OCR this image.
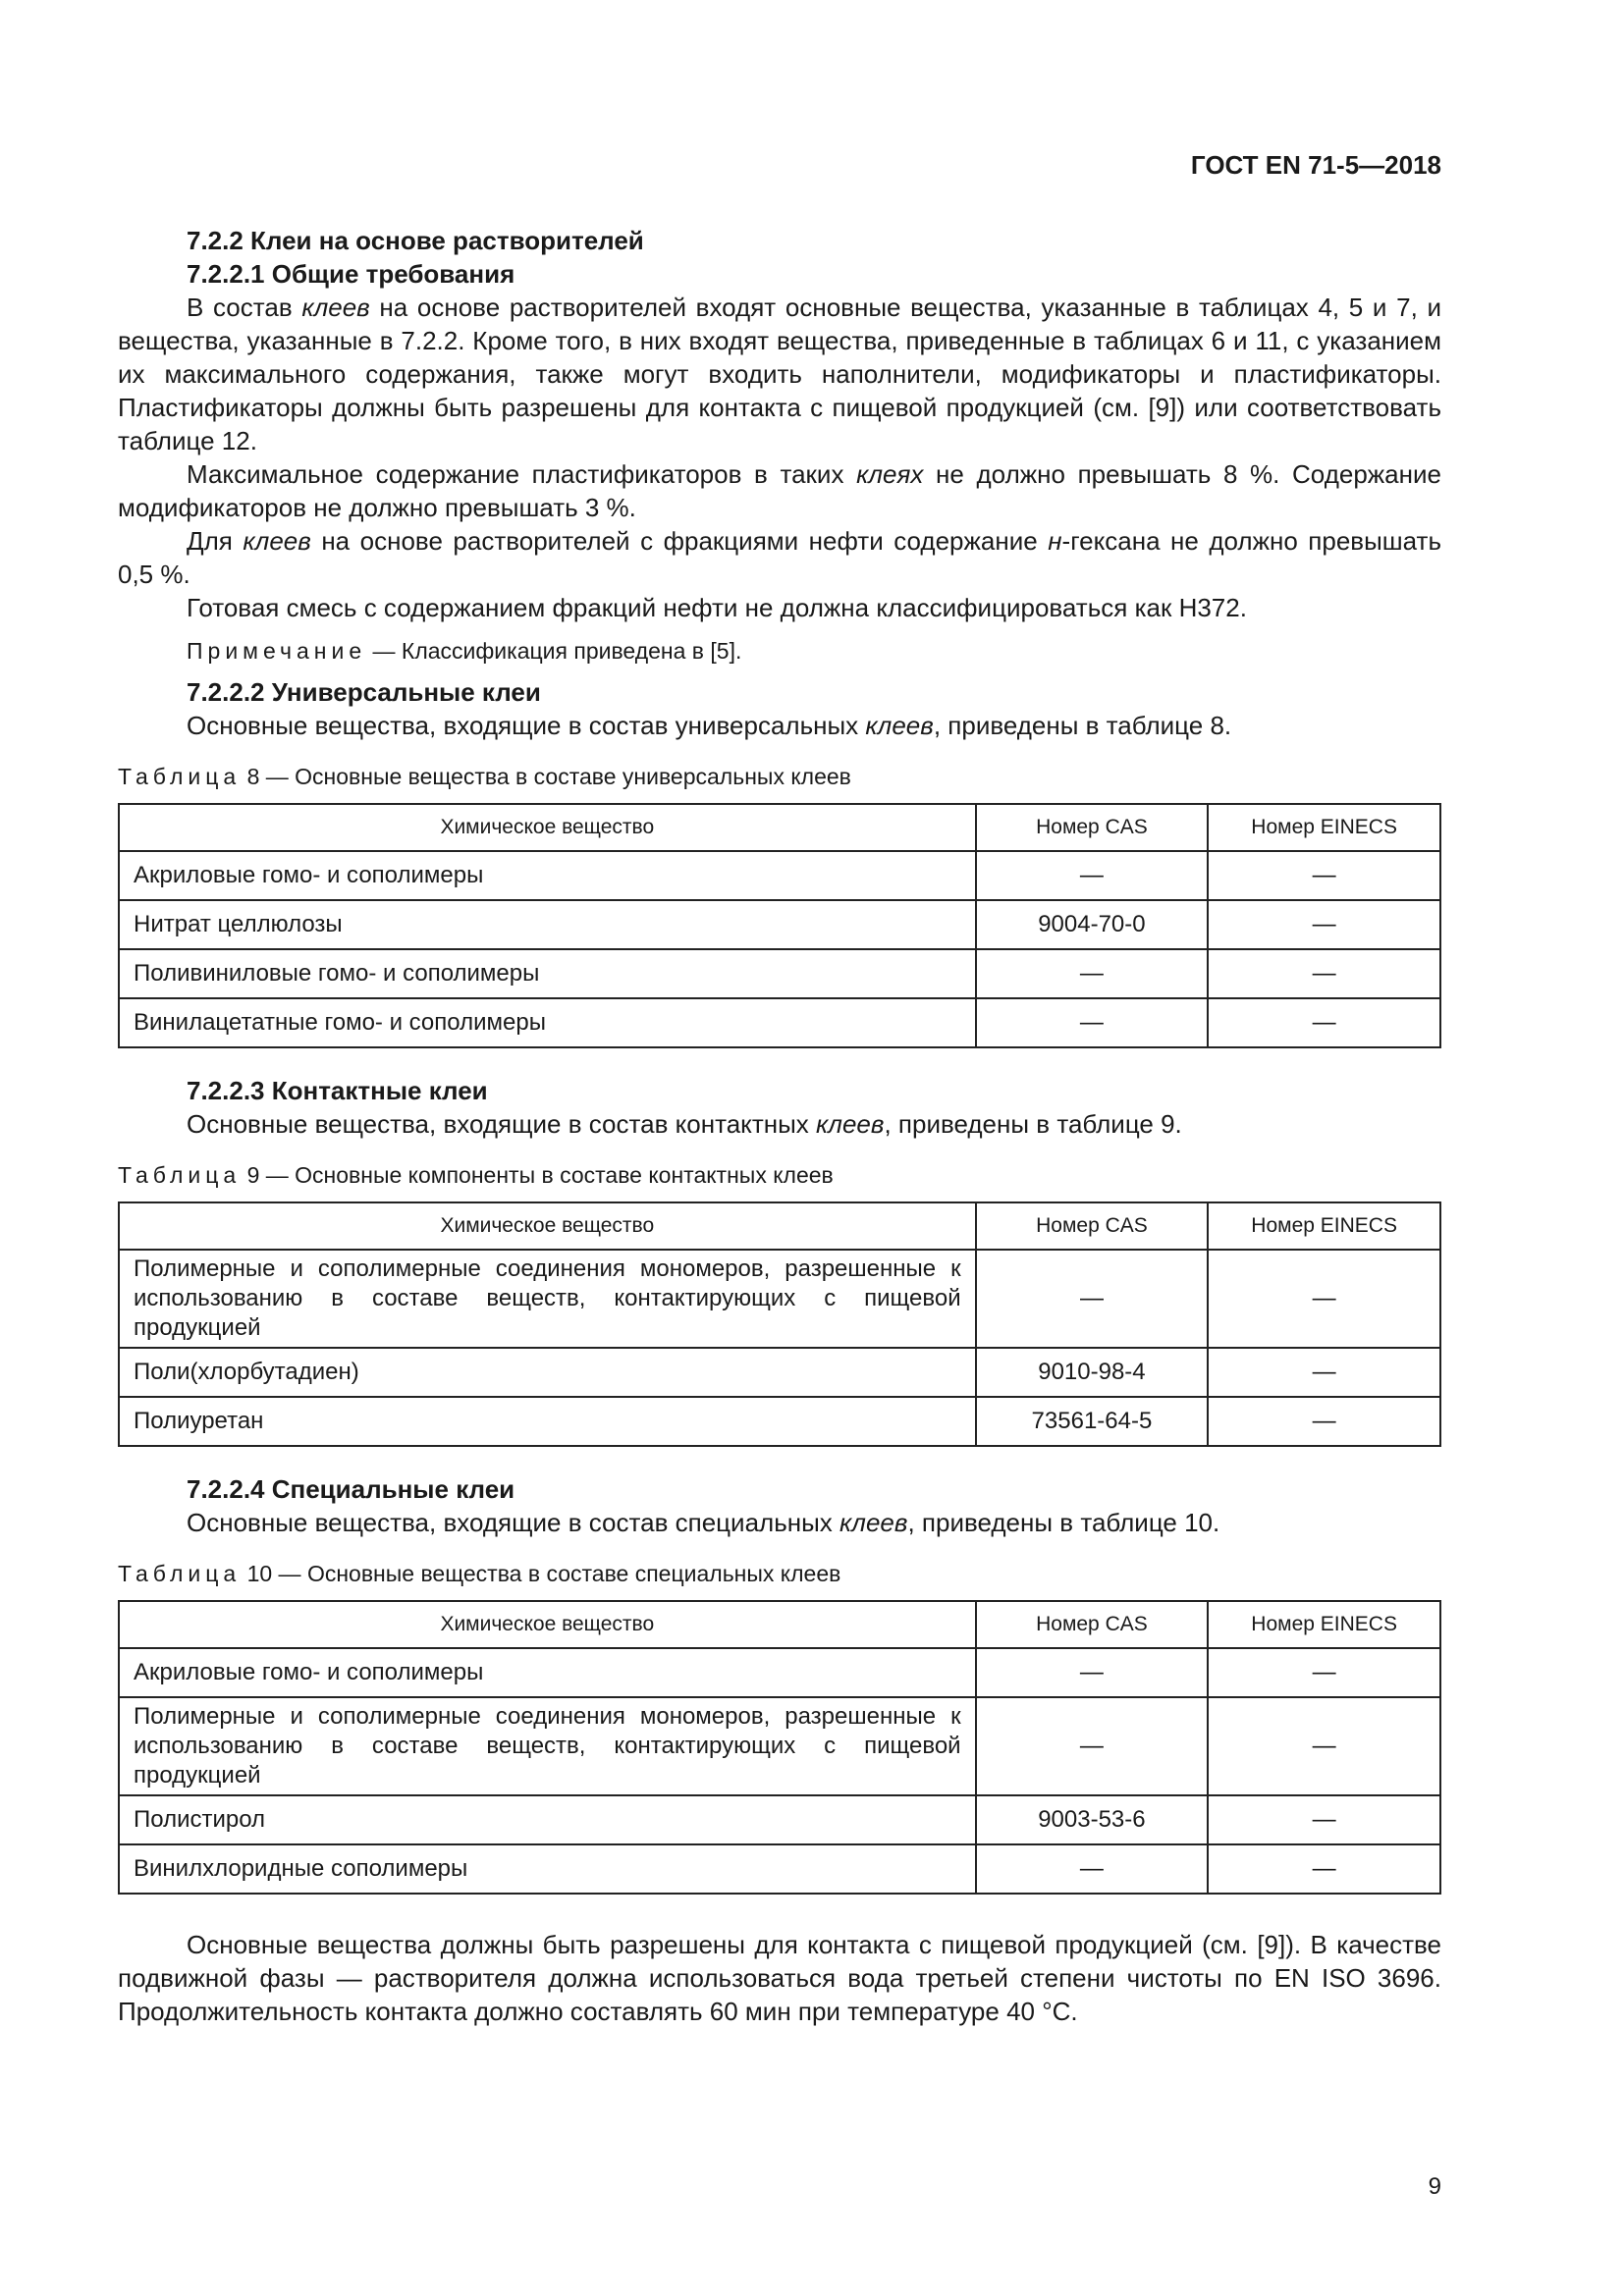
ГОСТ EN 71-5—2018
7.2.2 Клеи на основе растворителей
7.2.2.1 Общие требования

В состав клеев на основе растворителей входят основные вещества, указанные в таблицах 4, 5 и 7, и вещества, указанные в 7.2.2. Кроме того, в них входят вещества, приведенные в таблицах 6 и 11, с указанием их максимального содержания, также могут входить наполнители, модификаторы и пластификаторы. Пластификаторы должны быть разрешены для контакта с пищевой продукцией (см. [9]) или соответствовать таблице 12.

Максимальное содержание пластификаторов в таких клеях не должно превышать 8 %. Содержание модификаторов не должно превышать 3 %.

Для клеев на основе растворителей с фракциями нефти содержание н-гексана не должно превышать 0,5 %.

Готовая смесь с содержанием фракций нефти не должна классифицироваться как H372.

Примечание — Классификация приведена в [5].
7.2.2.2 Универсальные клеи

Основные вещества, входящие в состав универсальных клеев, приведены в таблице 8.

Таблица 8 — Основные вещества в составе универсальных клеев
Химическое вещество	Номер CAS	Номер EINECS
Акриловые гомо- и сополимеры	—	—
Нитрат целлюлозы	9004-70-0	—
Поливиниловые гомо- и сополимеры	—	—
Винилацетатные гомо- и сополимеры	—	—
7.2.2.3 Контактные клеи

Основные вещества, входящие в состав контактных клеев, приведены в таблице 9.

Таблица 9 — Основные компоненты в составе контактных клеев
Химическое вещество	Номер CAS	Номер EINECS
Полимерные и сополимерные соединения мономеров, разрешенные к использованию в составе веществ, контактирующих с пищевой продукцией	—	—
Поли(хлорбутадиен)	9010-98-4	—
Полиуретан	73561-64-5	—
7.2.2.4 Специальные клеи

Основные вещества, входящие в состав специальных клеев, приведены в таблице 10.

Таблица 10 — Основные вещества в составе специальных клеев
Химическое вещество	Номер CAS	Номер EINECS
Акриловые гомо- и сополимеры	—	—
Полимерные и сополимерные соединения мономеров, разрешенные к использованию в составе веществ, контактирующих с пищевой продукцией	—	—
Полистирол	9003-53-6	—
Винилхлоридные сополимеры	—	—

Основные вещества должны быть разрешены для контакта с пищевой продукцией (см. [9]). В качестве подвижной фазы — растворителя должна использоваться вода третьей степени чистоты по EN ISO 3696. Продолжительность контакта должно составлять 60 мин при температуре 40 °C.

9
